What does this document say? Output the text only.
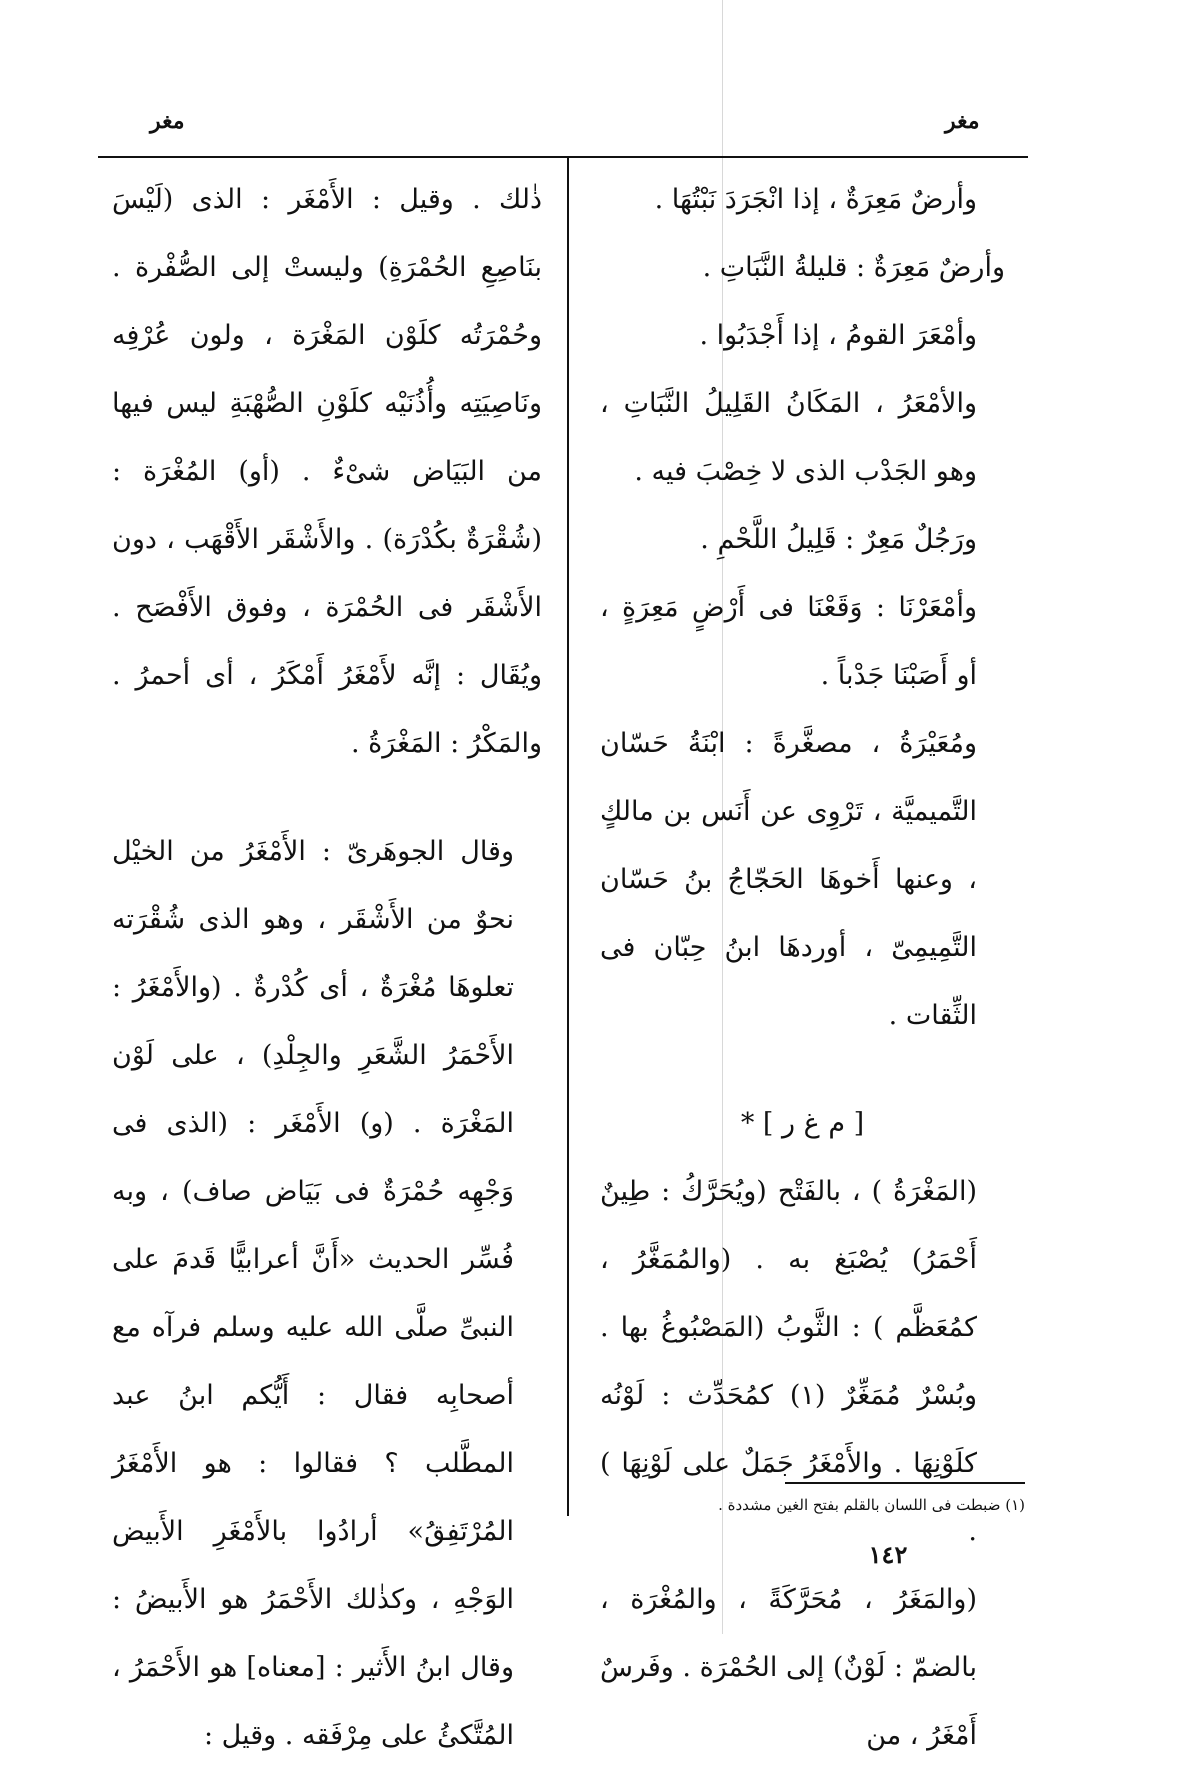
مغر	مغر

وأرضٌ مَعِرَةٌ ، إذا انْجَرَدَ نَبْتُهَا .

وأرضٌ مَعِرَةٌ : قليلةُ النَّبَاتِ .

وأمْعَرَ القومُ ، إذا أَجْدَبُوا .

والأمْعَرُ ، المَكَانُ القَلِيلُ النَّبَاتِ ، وهو الجَدْب الذى لا خِصْبَ فيه .

ورَجُلٌ مَعِرٌ : قَلِيلُ اللَّحْمِ .

وأمْعَرْنَا : وَقَعْنَا فى أَرْضٍ مَعِرَةٍ ، أو أَصَبْنَا جَدْباً .

ومُعَيْرَةُ ، مصغَّرةً : ابْنَةُ حَسّان التَّميميَّة ، تَرْوِى عن أَنَس بن مالكٍ ، وعنها أَخوهَا الحَجّاجُ بنُ حَسّان التَّمِيمِىّ ، أوردهَا ابنُ حِبّان فى الثِّقات .

[ م غ ر ] *

(المَغْرَةُ ) ، بالفَتْح (ويُحَرَّكُ : طِينٌ أَحْمَرُ) يُصْبَغ به . (والمُمَغَّرُ ، كمُعَظَّم ) : الثَّوبُ (المَصْبُوغُ بها . وبُسْرٌ مُمَغِّرٌ (١) كمُحَدِّث : لَوْنُه كلَوْنِهَا . والأَمْغَرُ جَمَلٌ على لَوْنِهَا ) .

(والمَغَرُ ، مُحَرَّكَةً ، والمُغْرَة ، بالضمّ : لَوْنٌ) إلى الحُمْرَة . وفَرسٌ أَمْغَرُ ، من

ذٰلك . وقيل : الأَمْغَر : الذى (لَيْسَ بنَاصِعِ الحُمْرَةِ) وليستْ إلى الصُّفْرة . وحُمْرَتُه كلَوْن المَغْرَة ، ولون عُرْفِه ونَاصِيَتِه وأُذُنَيْه كلَوْنِ الصُّهْبَةِ ليس فيها من البَيَاض شىْءٌ . (أو) المُغْرَة : (شُقْرَةٌ بكُدْرَة) . والأَشْقَر الأَقْهَب ، دون الأَشْقَر فى الحُمْرَة ، وفوق الأَفْصَح . ويُقَال : إنَّه لأَمْغَرُ أَمْكَرُ ، أى أحمرُ . والمَكْرُ : المَغْرَةُ .

وقال الجوهَرىّ : الأَمْغَرُ من الخيْل نحوٌ من الأَشْقَر ، وهو الذى شُقْرَته تعلوهَا مُغْرَةٌ ، أى كُدْرةٌ . (والأَمْغَرُ : الأَحْمَرُ الشَّعَرِ والجِلْدِ) ، على لَوْن المَغْرَة . (و) الأَمْغَر : (الذى فى وَجْهِه حُمْرَةٌ فى بَيَاض صاف) ، وبه فُسِّر الحديث «أَنَّ أعرابيًّا قَدمَ على النبىِّ صلَّى الله عليه وسلم فرآه مع أصحابِه فقال : أَيُّكم ابنُ عبد المطَّلب ؟ فقالوا : هو الأَمْغَرُ المُرْتَفِقُ» أرادُوا بالأَمْغَرِ الأَبيض الوَجْهِ ، وكذٰلك الأَحْمَرُ هو الأَبيضُ : وقال ابنُ الأَثير : [معناه] هو الأَحْمَرُ ، المُتَّكئُ على مِرْفَقه . وقيل :

(١) ضبطت فى اللسان بالقلم بفتح الغين مشددة .
١٤٢
